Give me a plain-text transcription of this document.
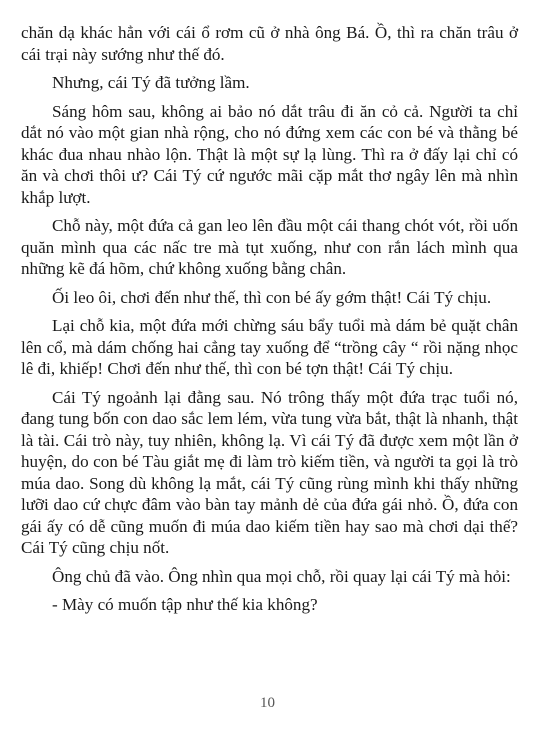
chăn dạ khác hẳn với cái ổ rơm cũ ở nhà ông Bá. Ồ, thì ra chăn trâu ở cái trại này sướng như thế đó.

Nhưng, cái Tý đã tưởng lầm.

Sáng hôm sau, không ai bảo nó dắt trâu đi ăn cỏ cả. Người ta chỉ dắt nó vào một gian nhà rộng, cho nó đứng xem các con bé và thằng bé khác đua nhau nhào lộn. Thật là một sự lạ lùng. Thì ra ở đấy lại chỉ có ăn và chơi thôi ư? Cái Tý cứ ngước mãi cặp mắt thơ ngây lên mà nhìn khắp lượt.

Chỗ này, một đứa cả gan leo lên đầu một cái thang chót vót, rồi uốn quăn mình qua các nấc tre mà tụt xuống, như con rắn lách mình qua những kẽ đá hõm, chứ không xuống bằng chân.

Ối leo ôi, chơi đến như thế, thì con bé ấy gớm thật! Cái Tý chịu.

Lại chỗ kia, một đứa mới chừng sáu bẩy tuổi mà dám bẻ quặt chân lên cổ, mà dám chống hai cẳng tay xuống để “trồng cây “ rồi nặng nhọc lê đi, khiếp! Chơi đến như thế, thì con bé tợn thật! Cái Tý chịu.

Cái Tý ngoảnh lại đằng sau. Nó trông thấy một đứa trạc tuổi nó, đang tung bốn con dao sắc lem lém, vừa tung vừa bắt, thật là nhanh, thật là tài. Cái trò này, tuy nhiên, không lạ. Vì cái Tý đã được xem một lần ở huyện, do con bé Tàu giắt mẹ đi làm trò kiếm tiền, và người ta gọi là trò múa dao. Song dù không lạ mắt, cái Tý cũng rùng mình khi thấy những lưỡi dao cứ chực đâm vào bàn tay mảnh dẻ của đứa gái nhỏ. Ồ, đứa con gái ấy có dễ cũng muốn đi múa dao kiếm tiền hay sao mà chơi dại thế? Cái Tý cũng chịu nốt.

Ông chủ đã vào. Ông nhìn qua mọi chỗ, rồi quay lại cái Tý mà hỏi:

- Mày có muốn tập như thế kia không?

10
